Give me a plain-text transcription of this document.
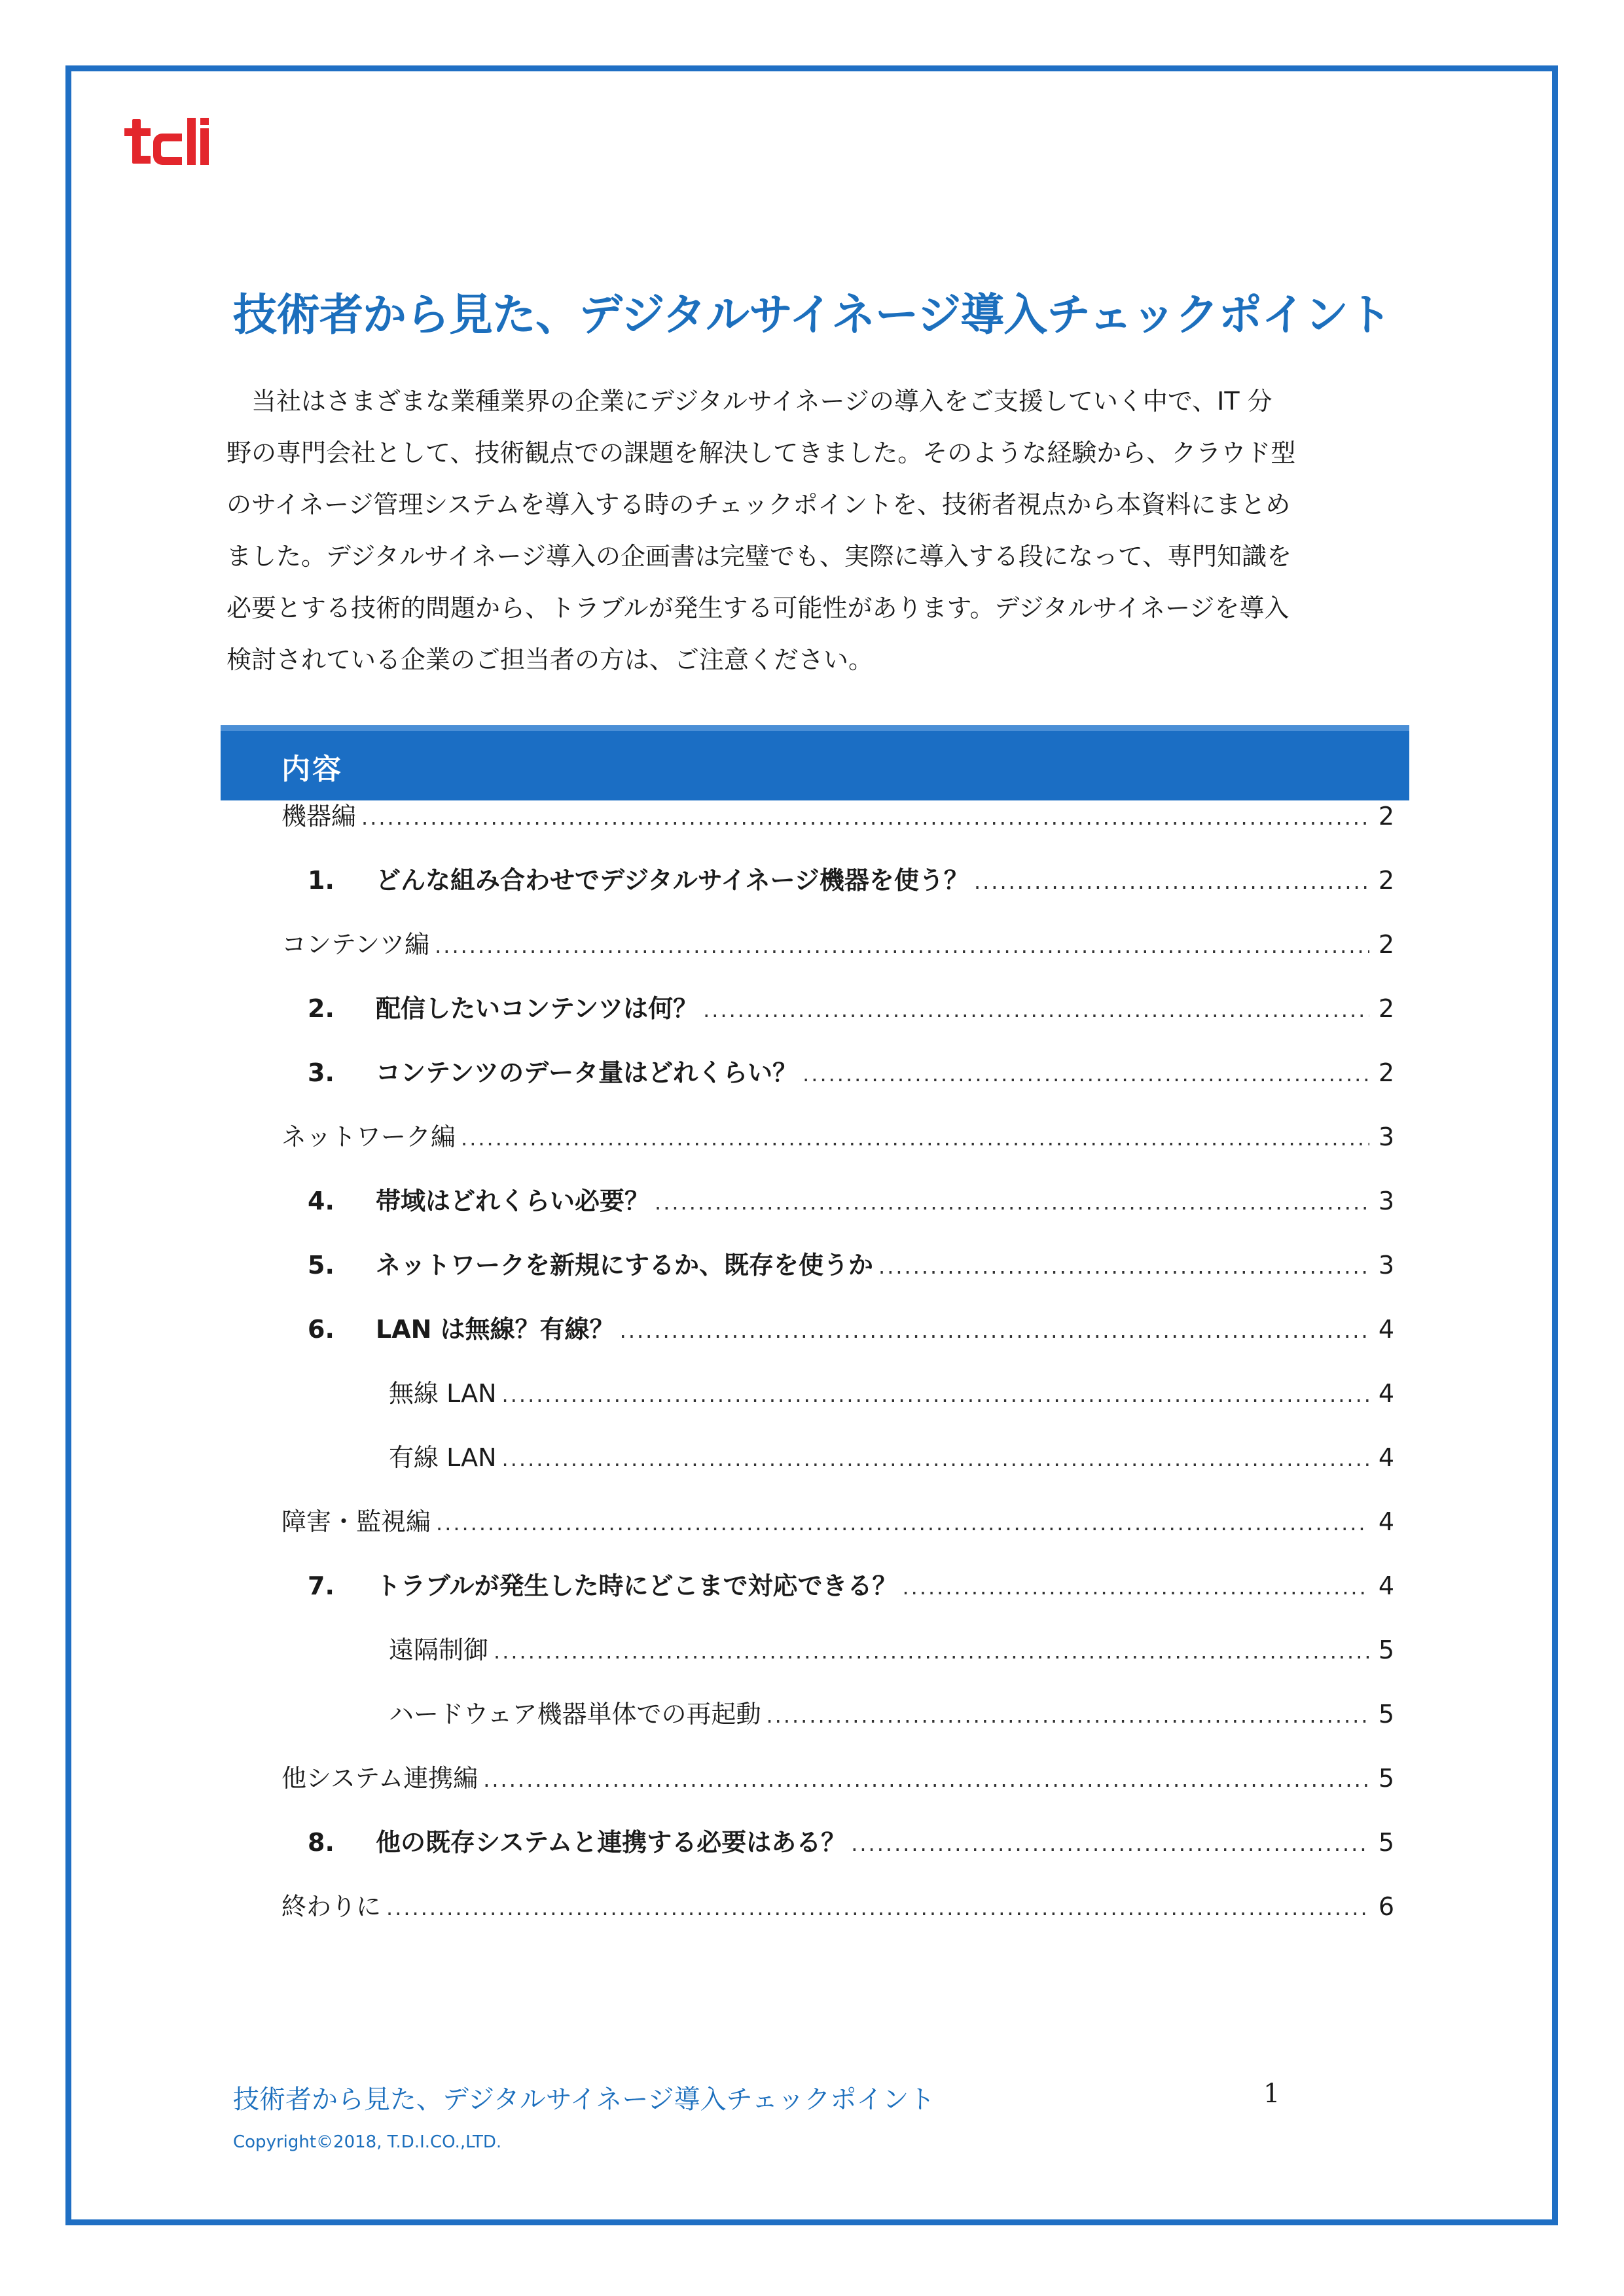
技術者から見た、デジタルサイネージ導入チェックポイント
　当社はさまざまな業種業界の企業にデジタルサイネージの導入をご支援していく中で、IT 分
野の専門会社として、技術観点での課題を解決してきました。そのような経験から、クラウド型
のサイネージ管理システムを導入する時のチェックポイントを、技術者視点から本資料にまとめ
ました。デジタルサイネージ導入の企画書は完璧でも、実際に導入する段になって、専門知識を
必要とする技術的問題から、トラブルが発生する可能性があります。デジタルサイネージを導入
検討されている企業のご担当者の方は、ご注意ください。
内容
機器編 .....	2
1.	どんな組み合わせでデジタルサイネージ機器を使う？ .....	2
コンテンツ編 .....	2
2.	配信したいコンテンツは何？ .....	2
3.	コンテンツのデータ量はどれくらい？ .....	2
ネットワーク編 .....	3
4.	帯域はどれくらい必要？ .....	3
5.	ネットワークを新規にするか、既存を使うか .....	3
6.	LAN は無線？有線？ .....	4
無線 LAN .....	4
有線 LAN .....	4
障害・監視編 .....	4
7.	トラブルが発生した時にどこまで対応できる？ .....	4
遠隔制御 .....	5
ハードウェア機器単体での再起動 .....	5
他システム連携編 .....	5
8.	他の既存システムと連携する必要はある？ .....	5
終わりに .....	6
技術者から見た、デジタルサイネージ導入チェックポイント	1
Copyright©2018, T.D.I.CO.,LTD.
